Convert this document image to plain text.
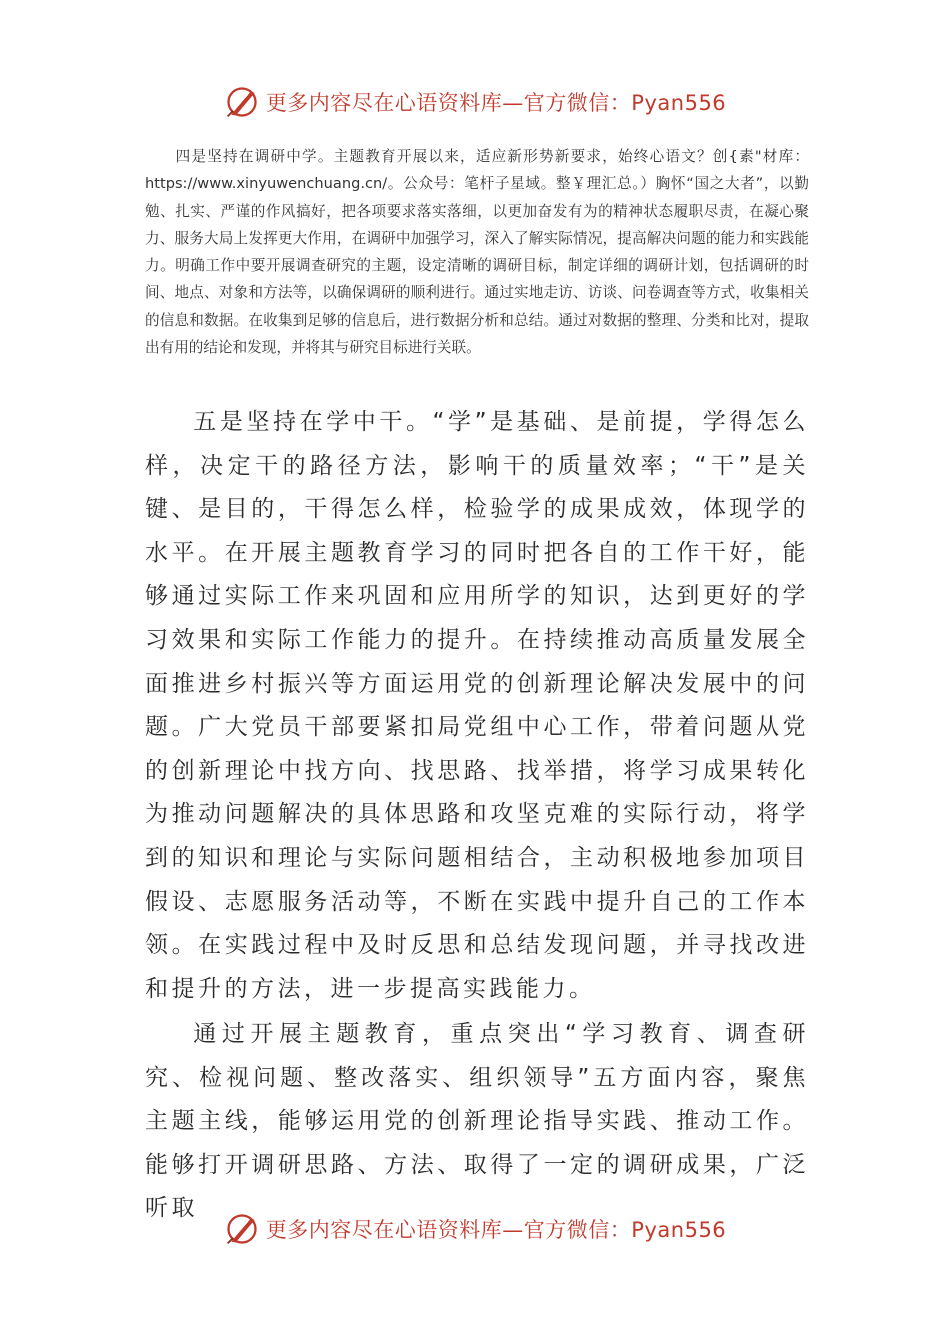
更多内容尽在心语资料库—官方微信：Pyan556

四是坚持在调研中学。主题教育开展以来，适应新形势新要求，始终心语文？创{素"材库：https://www.xinyuwenchuang.cn/。公众号：笔杆子星域。整￥理汇总。）胸怀“国之大者”，以勤勉、扎实、严谨的作风搞好，把各项要求落实落细，以更加奋发有为的精神状态履职尽责，在凝心聚力、服务大局上发挥更大作用，在调研中加强学习，深入了解实际情况，提高解决问题的能力和实践能力。明确工作中要开展调查研究的主题，设定清晰的调研目标，制定详细的调研计划，包括调研的时间、地点、对象和方法等，以确保调研的顺利进行。通过实地走访、访谈、问卷调查等方式，收集相关的信息和数据。在收集到足够的信息后，进行数据分析和总结。通过对数据的整理、分类和比对，提取出有用的结论和发现，并将其与研究目标进行关联。

五是坚持在学中干。“学”是基础、是前提，学得怎么样，决定干的路径方法，影响干的质量效率；“干”是关键、是目的，干得怎么样，检验学的成果成效，体现学的水平。在开展主题教育学习的同时把各自的工作干好，能够通过实际工作来巩固和应用所学的知识，达到更好的学习效果和实际工作能力的提升。在持续推动高质量发展全面推进乡村振兴等方面运用党的创新理论解决发展中的问题。广大党员干部要紧扣局党组中心工作，带着问题从党的创新理论中找方向、找思路、找举措，将学习成果转化为推动问题解决的具体思路和攻坚克难的实际行动，将学到的知识和理论与实际问题相结合，主动积极地参加项目假设、志愿服务活动等，不断在实践中提升自己的工作本领。在实践过程中及时反思和总结发现问题，并寻找改进和提升的方法，进一步提高实践能力。

通过开展主题教育，重点突出“学习教育、调查研究、检视问题、整改落实、组织领导”五方面内容，聚焦主题主线，能够运用党的创新理论指导实践、推动工作。能够打开调研思路、方法、取得了一定的调研成果，广泛听取

更多内容尽在心语资料库—官方微信：Pyan556
